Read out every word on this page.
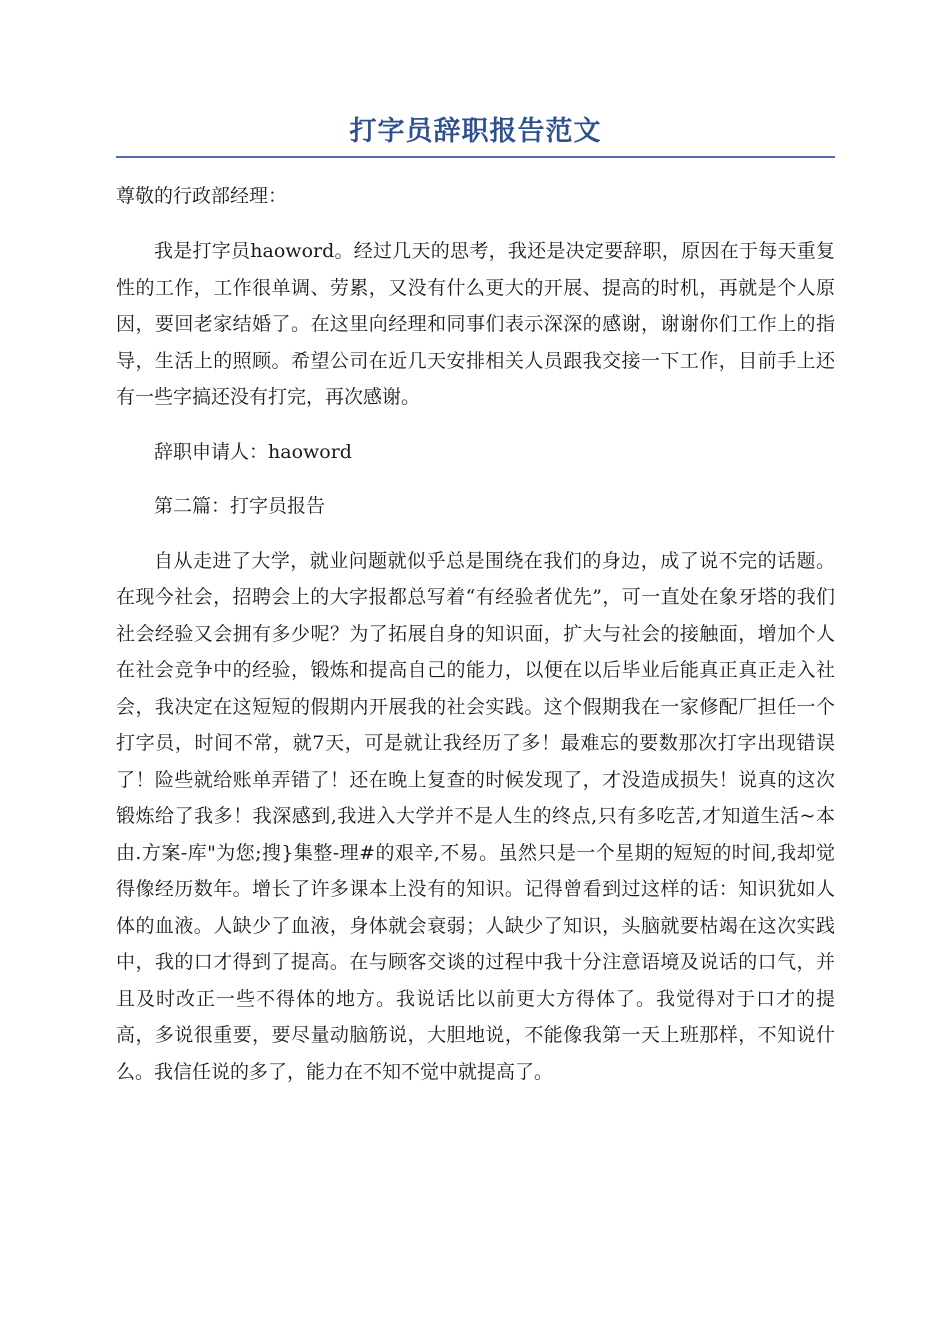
打字员辞职报告范文

尊敬的行政部经理：

我是打字员haoword。经过几天的思考，我还是决定要辞职，原因在于每天重复性的工作，工作很单调、劳累，又没有什么更大的开展、提高的时机，再就是个人原因，要回老家结婚了。在这里向经理和同事们表示深深的感谢，谢谢你们工作上的指导，生活上的照顾。希望公司在近几天安排相关人员跟我交接一下工作，目前手上还有一些字搞还没有打完，再次感谢。

辞职申请人：haoword

第二篇：打字员报告

自从走进了大学，就业问题就似乎总是围绕在我们的身边，成了说不完的话题。在现今社会，招聘会上的大字报都总写着“有经验者优先”，可一直处在象牙塔的我们社会经验又会拥有多少呢？为了拓展自身的知识面，扩大与社会的接触面，增加个人在社会竞争中的经验，锻炼和提高自己的能力，以便在以后毕业后能真正真正走入社会，我决定在这短短的假期内开展我的社会实践。这个假期我在一家修配厂担任一个打字员，时间不常，就7天，可是就让我经历了多！最难忘的要数那次打字出现错误了！险些就给账单弄错了！还在晚上复查的时候发现了，才没造成损失！说真的这次锻炼给了我多！我深感到,我进入大学并不是人生的终点,只有多吃苦,才知道生活~本由.方案-库"为您;搜}集整-理#的艰辛,不易。虽然只是一个星期的短短的时间,我却觉得像经历数年。增长了许多课本上没有的知识。记得曾看到过这样的话：知识犹如人体的血液。人缺少了血液，身体就会衰弱；人缺少了知识，头脑就要枯竭在这次实践中，我的口才得到了提高。在与顾客交谈的过程中我十分注意语境及说话的口气，并且及时改正一些不得体的地方。我说话比以前更大方得体了。我觉得对于口才的提高，多说很重要，要尽量动脑筋说，大胆地说，不能像我第一天上班那样，不知说什么。我信任说的多了，能力在不知不觉中就提高了。
